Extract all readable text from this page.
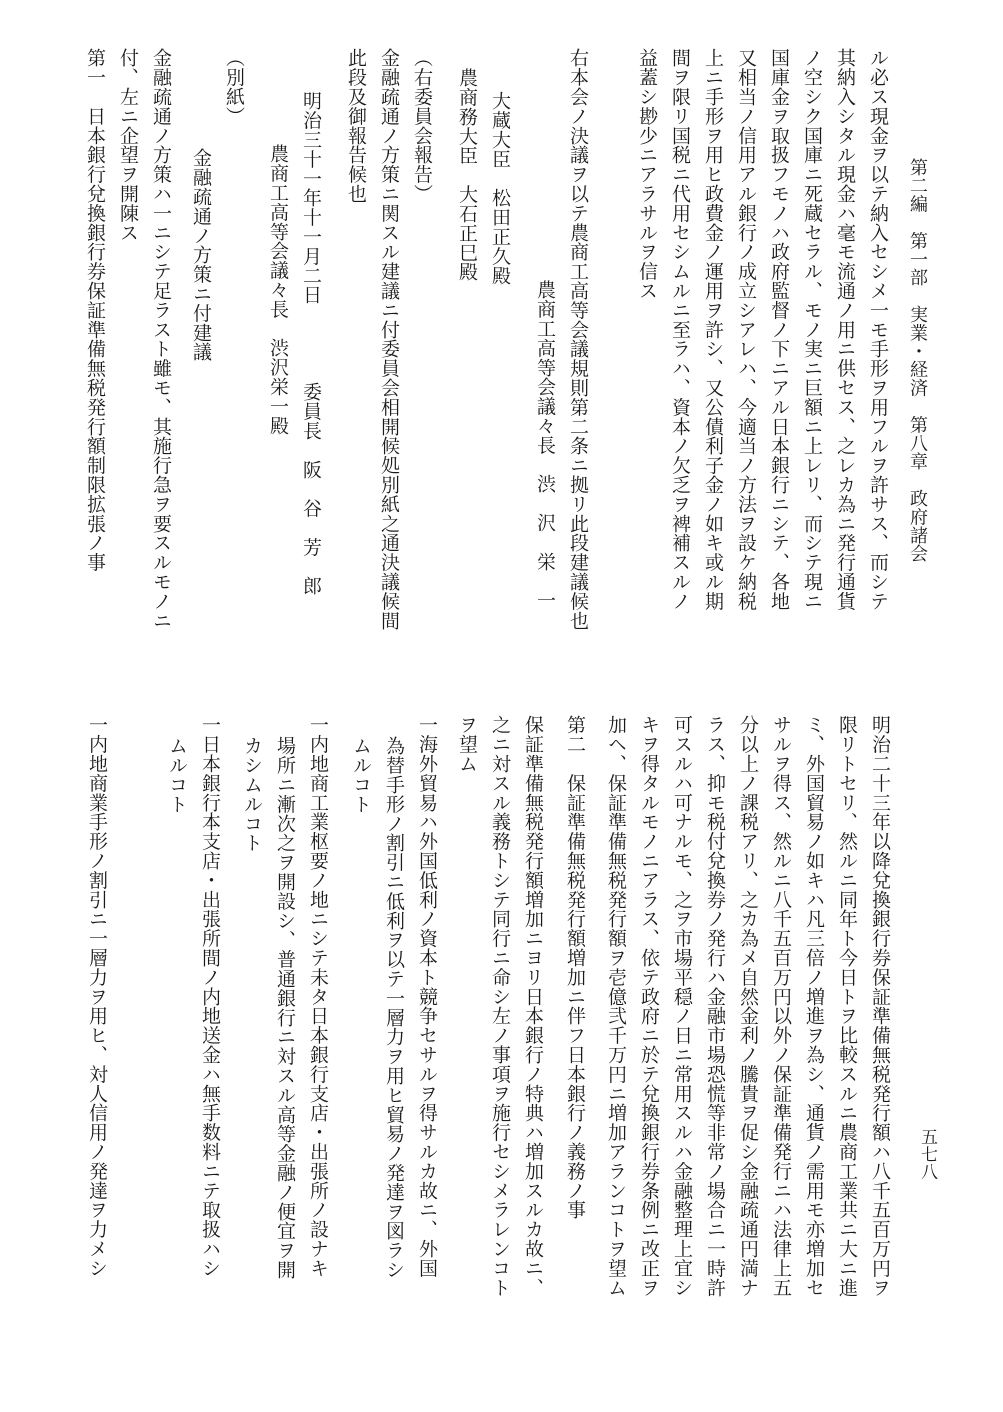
第二編　第一部　実業・経済　第八章　政府諸会
五七八
ル必ス現金ヲ以テ納入セシメ一モ手形ヲ用フルヲ許サス、而シテ
其納入シタル現金ハ毫モ流通ノ用ニ供セス、之レカ為ニ発行通貨
ノ空シク国庫ニ死蔵セラル、モノ実ニ巨額ニ上レリ、而シテ現ニ
国庫金ヲ取扱フモノハ政府監督ノ下ニアル日本銀行ニシテ、各地
又相当ノ信用アル銀行ノ成立シアレハ、今適当ノ方法ヲ設ケ納税
上ニ手形ヲ用ヒ政費金ノ運用ヲ許シ、又公債利子金ノ如キ或ル期
間ヲ限リ国税ニ代用セシムルニ至ラハ、資本ノ欠乏ヲ裨補スルノ
益蓋シ尠少ニアラサルヲ信ス
右本会ノ決議ヲ以テ農商工高等会議規則第二条ニ拠リ此段建議候也
農商工高等会議々長　渋　沢　栄　一
大蔵大臣　松田正久殿
農商務大臣　大石正巳殿
（右委員会報告）
金融疏通ノ方策ニ関スル建議ニ付委員会相開候処別紙之通決議候間
此段及御報告候也
明治三十一年十一月二日　　　　委員長　阪　谷　芳　郎
農商工高等会議々長　渋沢栄一殿
（別紙）
金融疏通ノ方策ニ付建議
金融疏通ノ方策ハ一ニシテ足ラスト雖モ、其施行急ヲ要スルモノニ
付、左ニ企望ヲ開陳ス
第一　日本銀行兌換銀行券保証準備無税発行額制限拡張ノ事
明治二十三年以降兌換銀行券保証準備無税発行額ハ八千五百万円ヲ
限リトセリ、然ルニ同年ト今日トヲ比較スルニ農商工業共ニ大ニ進
ミ、外国貿易ノ如キハ凡三倍ノ増進ヲ為シ、通貨ノ需用モ亦増加セ
サルヲ得ス、然ルニ八千五百万円以外ノ保証準備発行ニハ法律上五
分以上ノ課税アリ、之カ為メ自然金利ノ騰貴ヲ促シ金融疏通円満ナ
ラス、抑モ税付兌換券ノ発行ハ金融市場恐慌等非常ノ場合ニ一時許
可スルハ可ナルモ、之ヲ市場平穏ノ日ニ常用スルハ金融整理上宜シ
キヲ得タルモノニアラス、依テ政府ニ於テ兌換銀行券条例ニ改正ヲ
加ヘ、保証準備無税発行額ヲ壱億弐千万円ニ増加アランコトヲ望ム
第二　保証準備無税発行額増加ニ伴フ日本銀行ノ義務ノ事
保証準備無税発行額増加ニヨリ日本銀行ノ特典ハ増加スルカ故ニ、
之ニ対スル義務トシテ同行ニ命シ左ノ事項ヲ施行セシメラレンコト
ヲ望ム
一海外貿易ハ外国低利ノ資本ト競争セサルヲ得サルカ故ニ、外国
為替手形ノ割引ニ低利ヲ以テ一層力ヲ用ヒ貿易ノ発達ヲ図ラシ
ムルコト
一内地商工業枢要ノ地ニシテ未タ日本銀行支店・出張所ノ設ナキ
場所ニ漸次之ヲ開設シ、普通銀行ニ対スル高等金融ノ便宜ヲ開
カシムルコト
一日本銀行本支店・出張所間ノ内地送金ハ無手数料ニテ取扱ハシ
ムルコト
一内地商業手形ノ割引ニ一層力ヲ用ヒ、対人信用ノ発達ヲ力メシ
